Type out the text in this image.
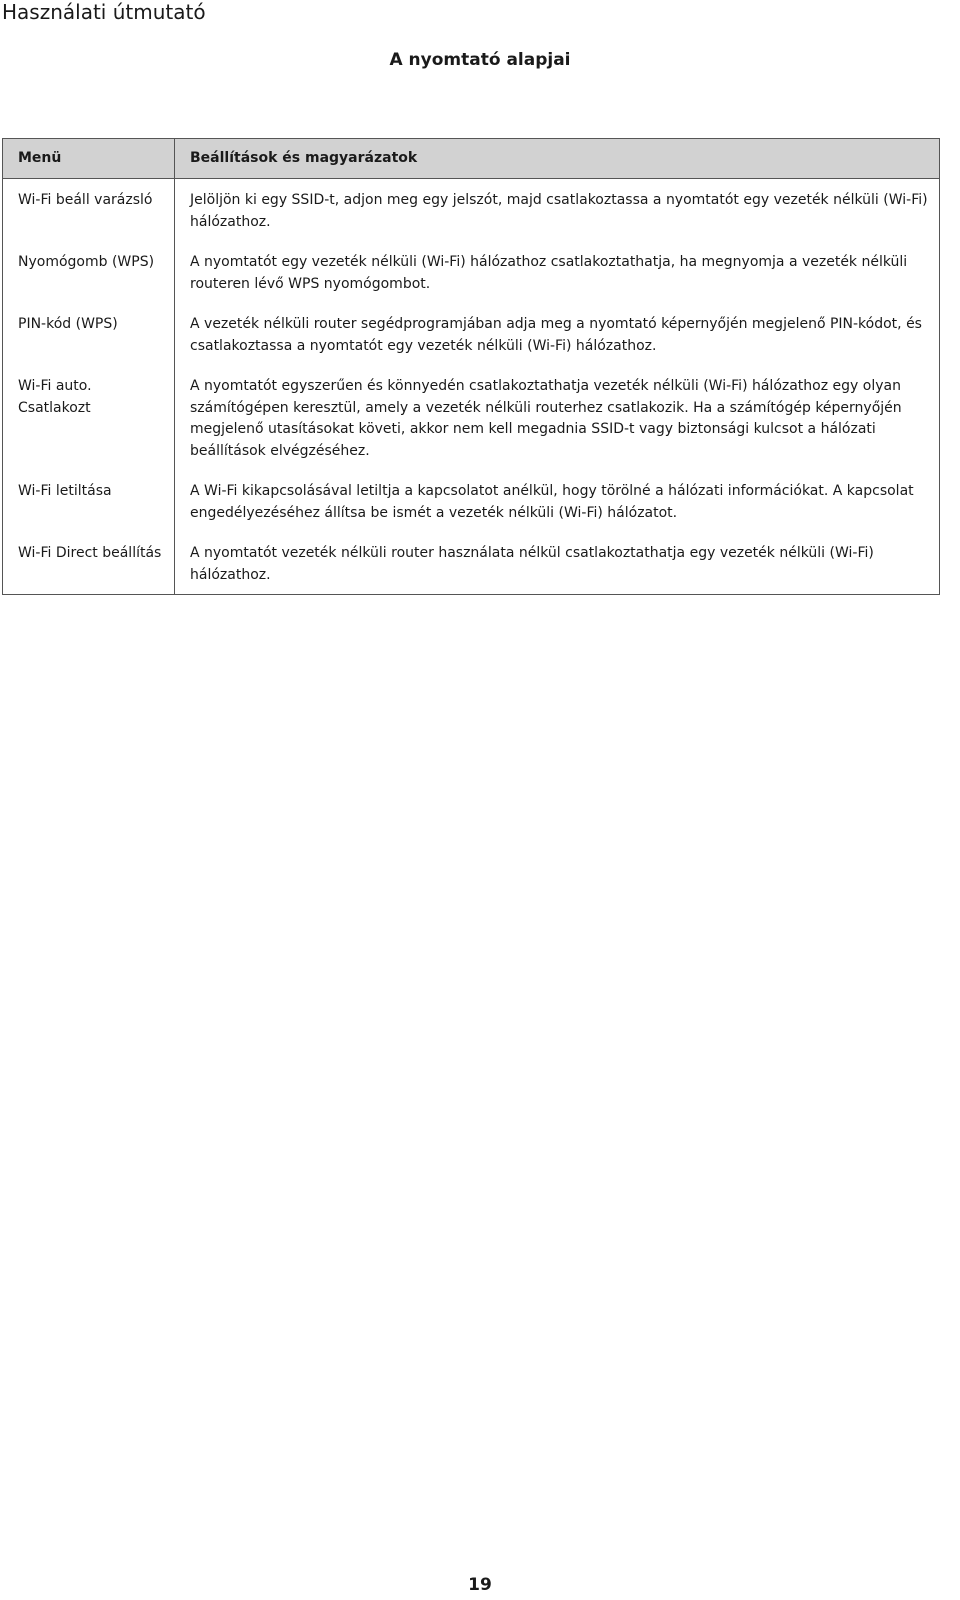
Használati útmutató
A nyomtató alapjai
Menü	Beállítások és magyarázatok
Wi-Fi beáll varázsló	Jelöljön ki egy SSID-t, adjon meg egy jelszót, majd csatlakoztassa a nyomtatót egy vezeték nélküli (Wi-Fi) hálózathoz.
Nyomógomb (WPS)	A nyomtatót egy vezeték nélküli (Wi-Fi) hálózathoz csatlakoztathatja, ha megnyomja a vezeték nélküli routeren lévő WPS nyomógombot.
PIN-kód (WPS)	A vezeték nélküli router segédprogramjában adja meg a nyomtató képernyőjén megjelenő PIN-kódot, és csatlakoztassa a nyomtatót egy vezeték nélküli (Wi-Fi) hálózathoz.
Wi-Fi auto. Csatlakozt	A nyomtatót egyszerűen és könnyedén csatlakoztathatja vezeték nélküli (Wi-Fi) hálózathoz egy olyan számítógépen keresztül, amely a vezeték nélküli routerhez csatlakozik. Ha a számítógép képernyőjén megjelenő utasításokat követi, akkor nem kell megadnia SSID-t vagy biztonsági kulcsot a hálózati beállítások elvégzéséhez.
Wi-Fi letiltása	A Wi-Fi kikapcsolásával letiltja a kapcsolatot anélkül, hogy törölné a hálózati információkat. A kapcsolat engedélyezéséhez állítsa be ismét a vezeték nélküli (Wi-Fi) hálózatot.
Wi-Fi Direct beállítás	A nyomtatót vezeték nélküli router használata nélkül csatlakoztathatja egy vezeték nélküli (Wi-Fi) hálózathoz.
19
